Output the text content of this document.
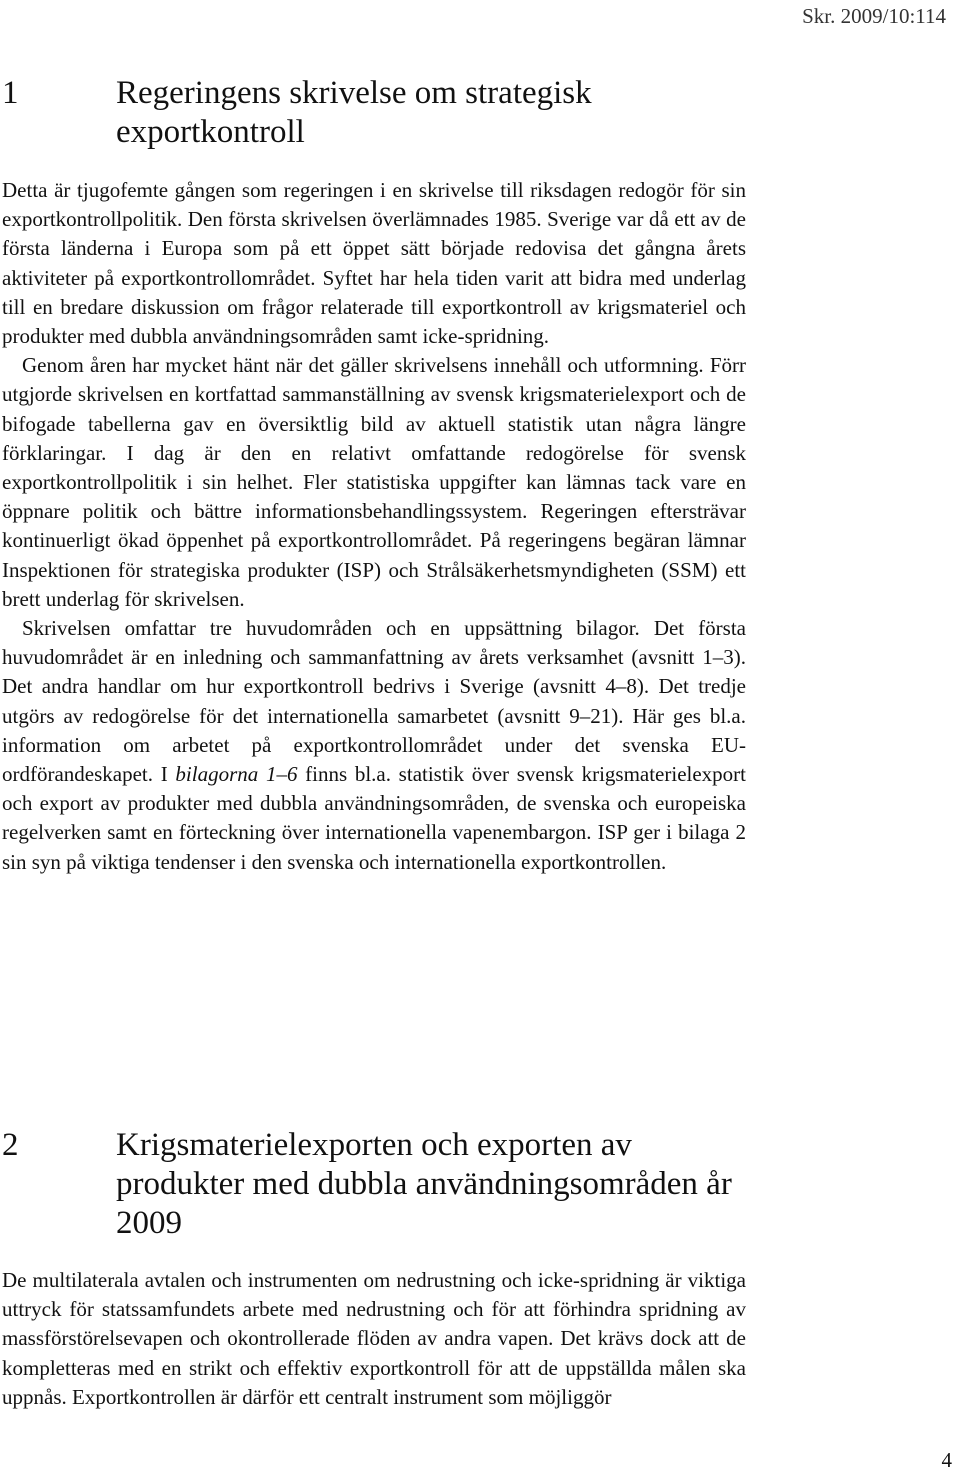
Skr. 2009/10:114
1	Regeringens skrivelse om strategisk exportkontroll
Detta är tjugofemte gången som regeringen i en skrivelse till riksdagen redogör för sin exportkontrollpolitik. Den första skrivelsen överlämnades 1985. Sverige var då ett av de första länderna i Europa som på ett öppet sätt började redovisa det gångna årets aktiviteter på exportkontrollområdet. Syftet har hela tiden varit att bidra med underlag till en bredare diskussion om frågor relaterade till exportkontroll av krigsmateriel och produkter med dubbla användningsområden samt icke-spridning.
Genom åren har mycket hänt när det gäller skrivelsens innehåll och utformning. Förr utgjorde skrivelsen en kortfattad sammanställning av svensk krigsmaterielexport och de bifogade tabellerna gav en översiktlig bild av aktuell statistik utan några längre förklaringar. I dag är den en relativt omfattande redogörelse för svensk exportkontrollpolitik i sin helhet. Fler statistiska uppgifter kan lämnas tack vare en öppnare politik och bättre informationsbehandlingssystem. Regeringen eftersträvar kontinuerligt ökad öppenhet på exportkontrollområdet. På regeringens begäran lämnar Inspektionen för strategiska produkter (ISP) och Strålsäkerhetsmyndigheten (SSM) ett brett underlag för skrivelsen.
Skrivelsen omfattar tre huvudområden och en uppsättning bilagor. Det första huvudområdet är en inledning och sammanfattning av årets verksamhet (avsnitt 1–3). Det andra handlar om hur exportkontroll bedrivs i Sverige (avsnitt 4–8). Det tredje utgörs av redogörelse för det internationella samarbetet (avsnitt 9–21). Här ges bl.a. information om arbetet på exportkontrollområdet under det svenska EU-ordförandeskapet. I bilagorna 1–6 finns bl.a. statistik över svensk krigsmaterielexport och export av produkter med dubbla användningsområden, de svenska och europeiska regelverken samt en förteckning över internationella vapenembargon. ISP ger i bilaga 2 sin syn på viktiga tendenser i den svenska och internationella exportkontrollen.
2	Krigsmaterielexporten och exporten av produkter med dubbla användningsområden år 2009
De multilaterala avtalen och instrumenten om nedrustning och icke-spridning är viktiga uttryck för statssamfundets arbete med nedrustning och för att förhindra spridning av massförstörelsevapen och okontrollerade flöden av andra vapen. Det krävs dock att de kompletteras med en strikt och effektiv exportkontroll för att de uppställda målen ska uppnås. Exportkontrollen är därför ett centralt instrument som möjliggör
4
